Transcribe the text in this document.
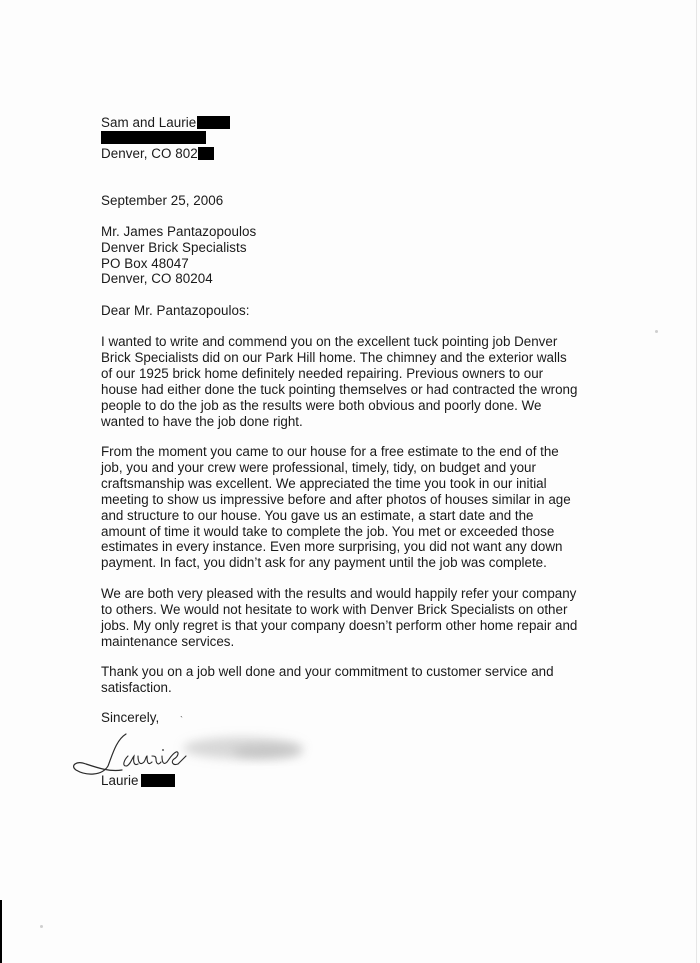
Sam and Laurie
Denver, CO 802
September 25, 2006
Mr. James Pantazopoulos
Denver Brick Specialists
PO Box 48047
Denver, CO 80204
Dear Mr. Pantazopoulos:
I wanted to write and commend you on the excellent tuck pointing job Denver
Brick Specialists did on our Park Hill home. The chimney and the exterior walls
of our 1925 brick home definitely needed repairing. Previous owners to our
house had either done the tuck pointing themselves or had contracted the wrong
people to do the job as the results were both obvious and poorly done. We
wanted to have the job done right.
From the moment you came to our house for a free estimate to the end of the
job, you and your crew were professional, timely, tidy, on budget and your
craftsmanship was excellent. We appreciated the time you took in our initial
meeting to show us impressive before and after photos of houses similar in age
and structure to our house. You gave us an estimate, a start date and the
amount of time it would take to complete the job. You met or exceeded those
estimates in every instance. Even more surprising, you did not want any down
payment. In fact, you didn’t ask for any payment until the job was complete.
We are both very pleased with the results and would happily refer your company
to others. We would not hesitate to work with Denver Brick Specialists on other
jobs. My only regret is that your company doesn’t perform other home repair and
maintenance services.
Thank you on a job well done and your commitment to customer service and
satisfaction.
Sincerely, `
Laurie
